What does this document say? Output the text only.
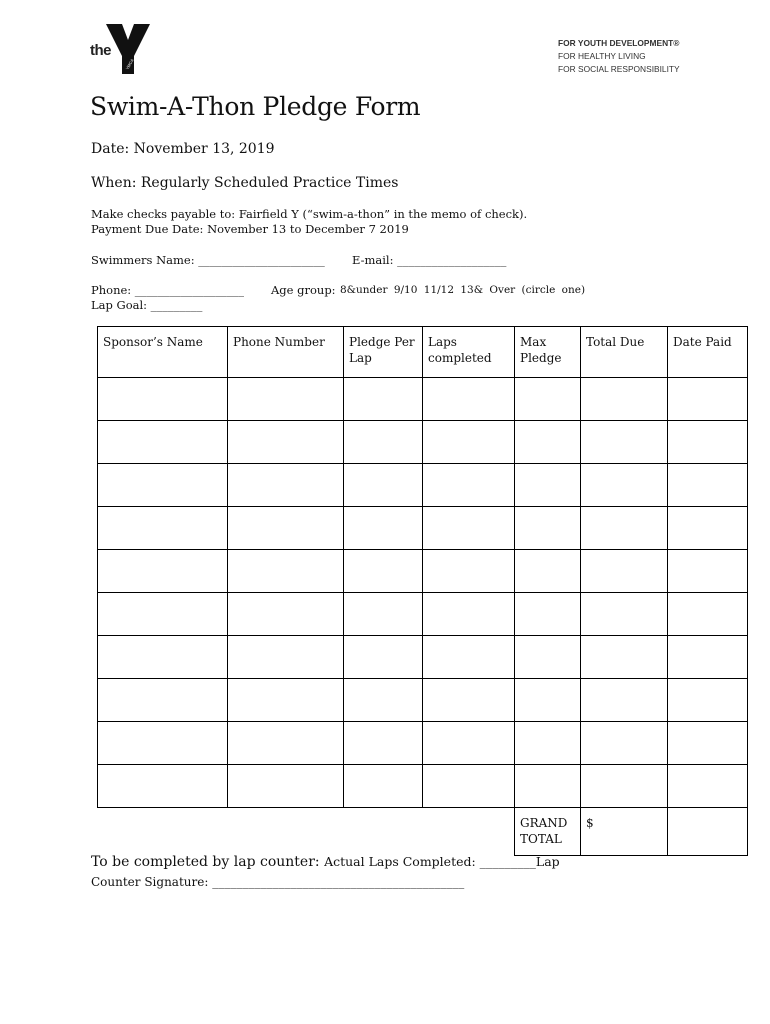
YMCA
the	FOR YOUTH DEVELOPMENT®
FOR HEALTHY LIVING
FOR SOCIAL RESPONSIBILITY
Swim-A-Thon Pledge Form
Date: November 13, 2019
When: Regularly Scheduled Practice Times
Make checks payable to: Fairfield Y (“swim-a-thon” in the memo of check).
Payment Due Date: November 13 to December 7 2019
Swimmers Name: ______________________ E-mail: ___________________
Phone: ___________________ Age group: 8&under 9/10 11/12 13& Over (circle one)
Lap Goal: _________
Sponsor’s Name	Phone Number	Pledge Per Lap	Laps completed	Max Pledge	Total Due	Date Paid

				GRAND TOTAL	$	
To be completed by lap counter: Actual Laps Completed: _________Lap
Counter Signature: __________________________________________
